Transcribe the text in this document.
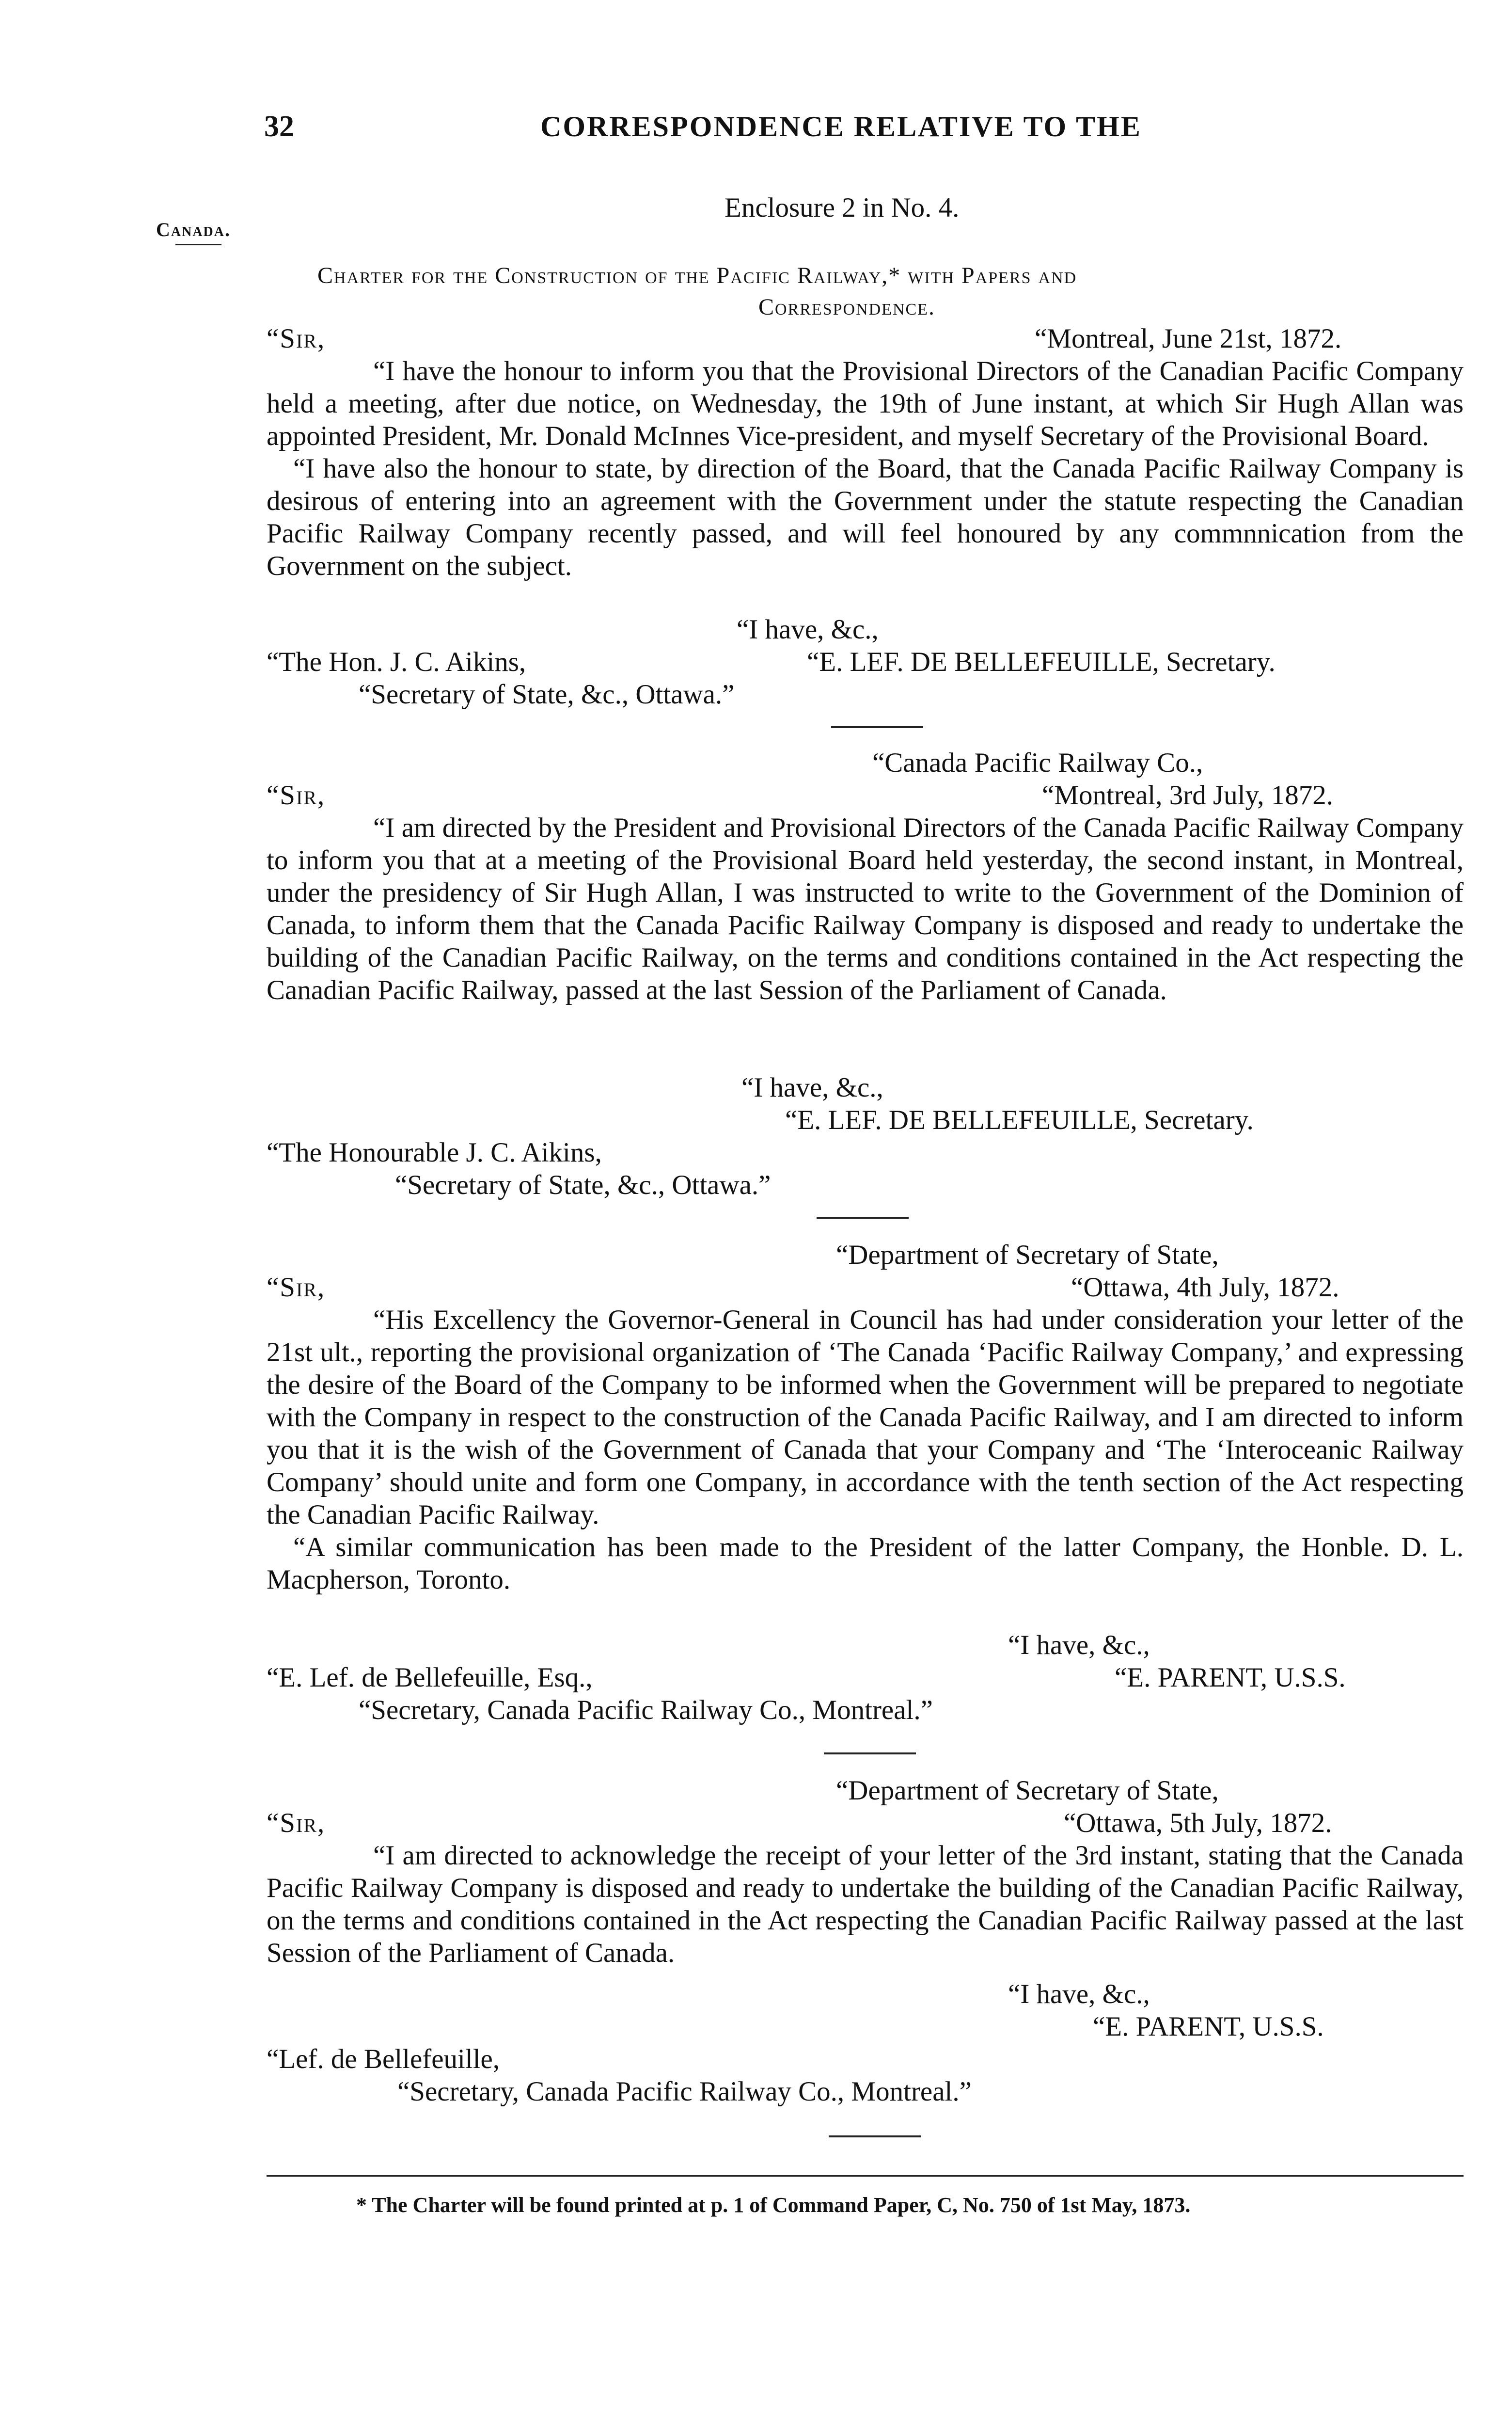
32	CORRESPONDENCE RELATIVE TO THE
Canada.
Enclosure 2 in No. 4.
Charter for the Construction of the Pacific Railway,* with Papers and
Correspondence.
“Sir,	“Montreal, June 21st, 1872.

“I have the honour to inform you that the Provisional Directors of the Canadian Pacific Company held a meeting, after due notice, on Wednesday, the 19th of June instant, at which Sir Hugh Allan was appointed President, Mr. Donald McInnes Vice-president, and myself Secretary of the Provisional Board.

“I have also the honour to state, by direction of the Board, that the Canada Pacific Railway Company is desirous of entering into an agreement with the Government under the statute respecting the Canadian Pacific Railway Company recently passed, and will feel honoured by any commnnication from the Government on the subject.

“I have, &c.,
“The Hon. J. C. Aikins,	“E. LEF. DE BELLEFEUILLE, Secretary.
“Secretary of State, &c., Ottawa.”
“Canada Pacific Railway Co.,
“Sir,	“Montreal, 3rd July, 1872.

“I am directed by the President and Provisional Directors of the Canada Pacific Railway Company to inform you that at a meeting of the Provisional Board held yesterday, the second instant, in Montreal, under the presidency of Sir Hugh Allan, I was instructed to write to the Government of the Dominion of Canada, to inform them that the Canada Pacific Railway Company is disposed and ready to undertake the building of the Canadian Pacific Railway, on the terms and conditions contained in the Act respecting the Canadian Pacific Railway, passed at the last Session of the Parliament of Canada.

“I have, &c.,
“E. LEF. DE BELLEFEUILLE, Secretary.
“The Honourable J. C. Aikins,
“Secretary of State, &c., Ottawa.”
“Department of Secretary of State,
“Sir,	“Ottawa, 4th July, 1872.

“His Excellency the Governor-General in Council has had under consideration your letter of the 21st ult., reporting the provisional organization of ‘The Canada ‘Pacific Railway Company,’ and expressing the desire of the Board of the Company to be informed when the Government will be prepared to negotiate with the Company in respect to the construction of the Canada Pacific Railway, and I am directed to inform you that it is the wish of the Government of Canada that your Company and ‘The ‘Interoceanic Railway Company’ should unite and form one Company, in accordance with the tenth section of the Act respecting the Canadian Pacific Railway.

“A similar communication has been made to the President of the latter Company, the Honble. D. L. Macpherson, Toronto.

“I have, &c.,
“E. Lef. de Bellefeuille, Esq.,	“E. PARENT, U.S.S.
“Secretary, Canada Pacific Railway Co., Montreal.”
“Department of Secretary of State,
“Sir,	“Ottawa, 5th July, 1872.

“I am directed to acknowledge the receipt of your letter of the 3rd instant, stating that the Canada Pacific Railway Company is disposed and ready to undertake the building of the Canadian Pacific Railway, on the terms and conditions contained in the Act respecting the Canadian Pacific Railway passed at the last Session of the Parliament of Canada.

“I have, &c.,
“E. PARENT, U.S.S.
“Lef. de Bellefeuille,
“Secretary, Canada Pacific Railway Co., Montreal.”
* The Charter will be found printed at p. 1 of Command Paper, C, No. 750 of 1st May, 1873.
